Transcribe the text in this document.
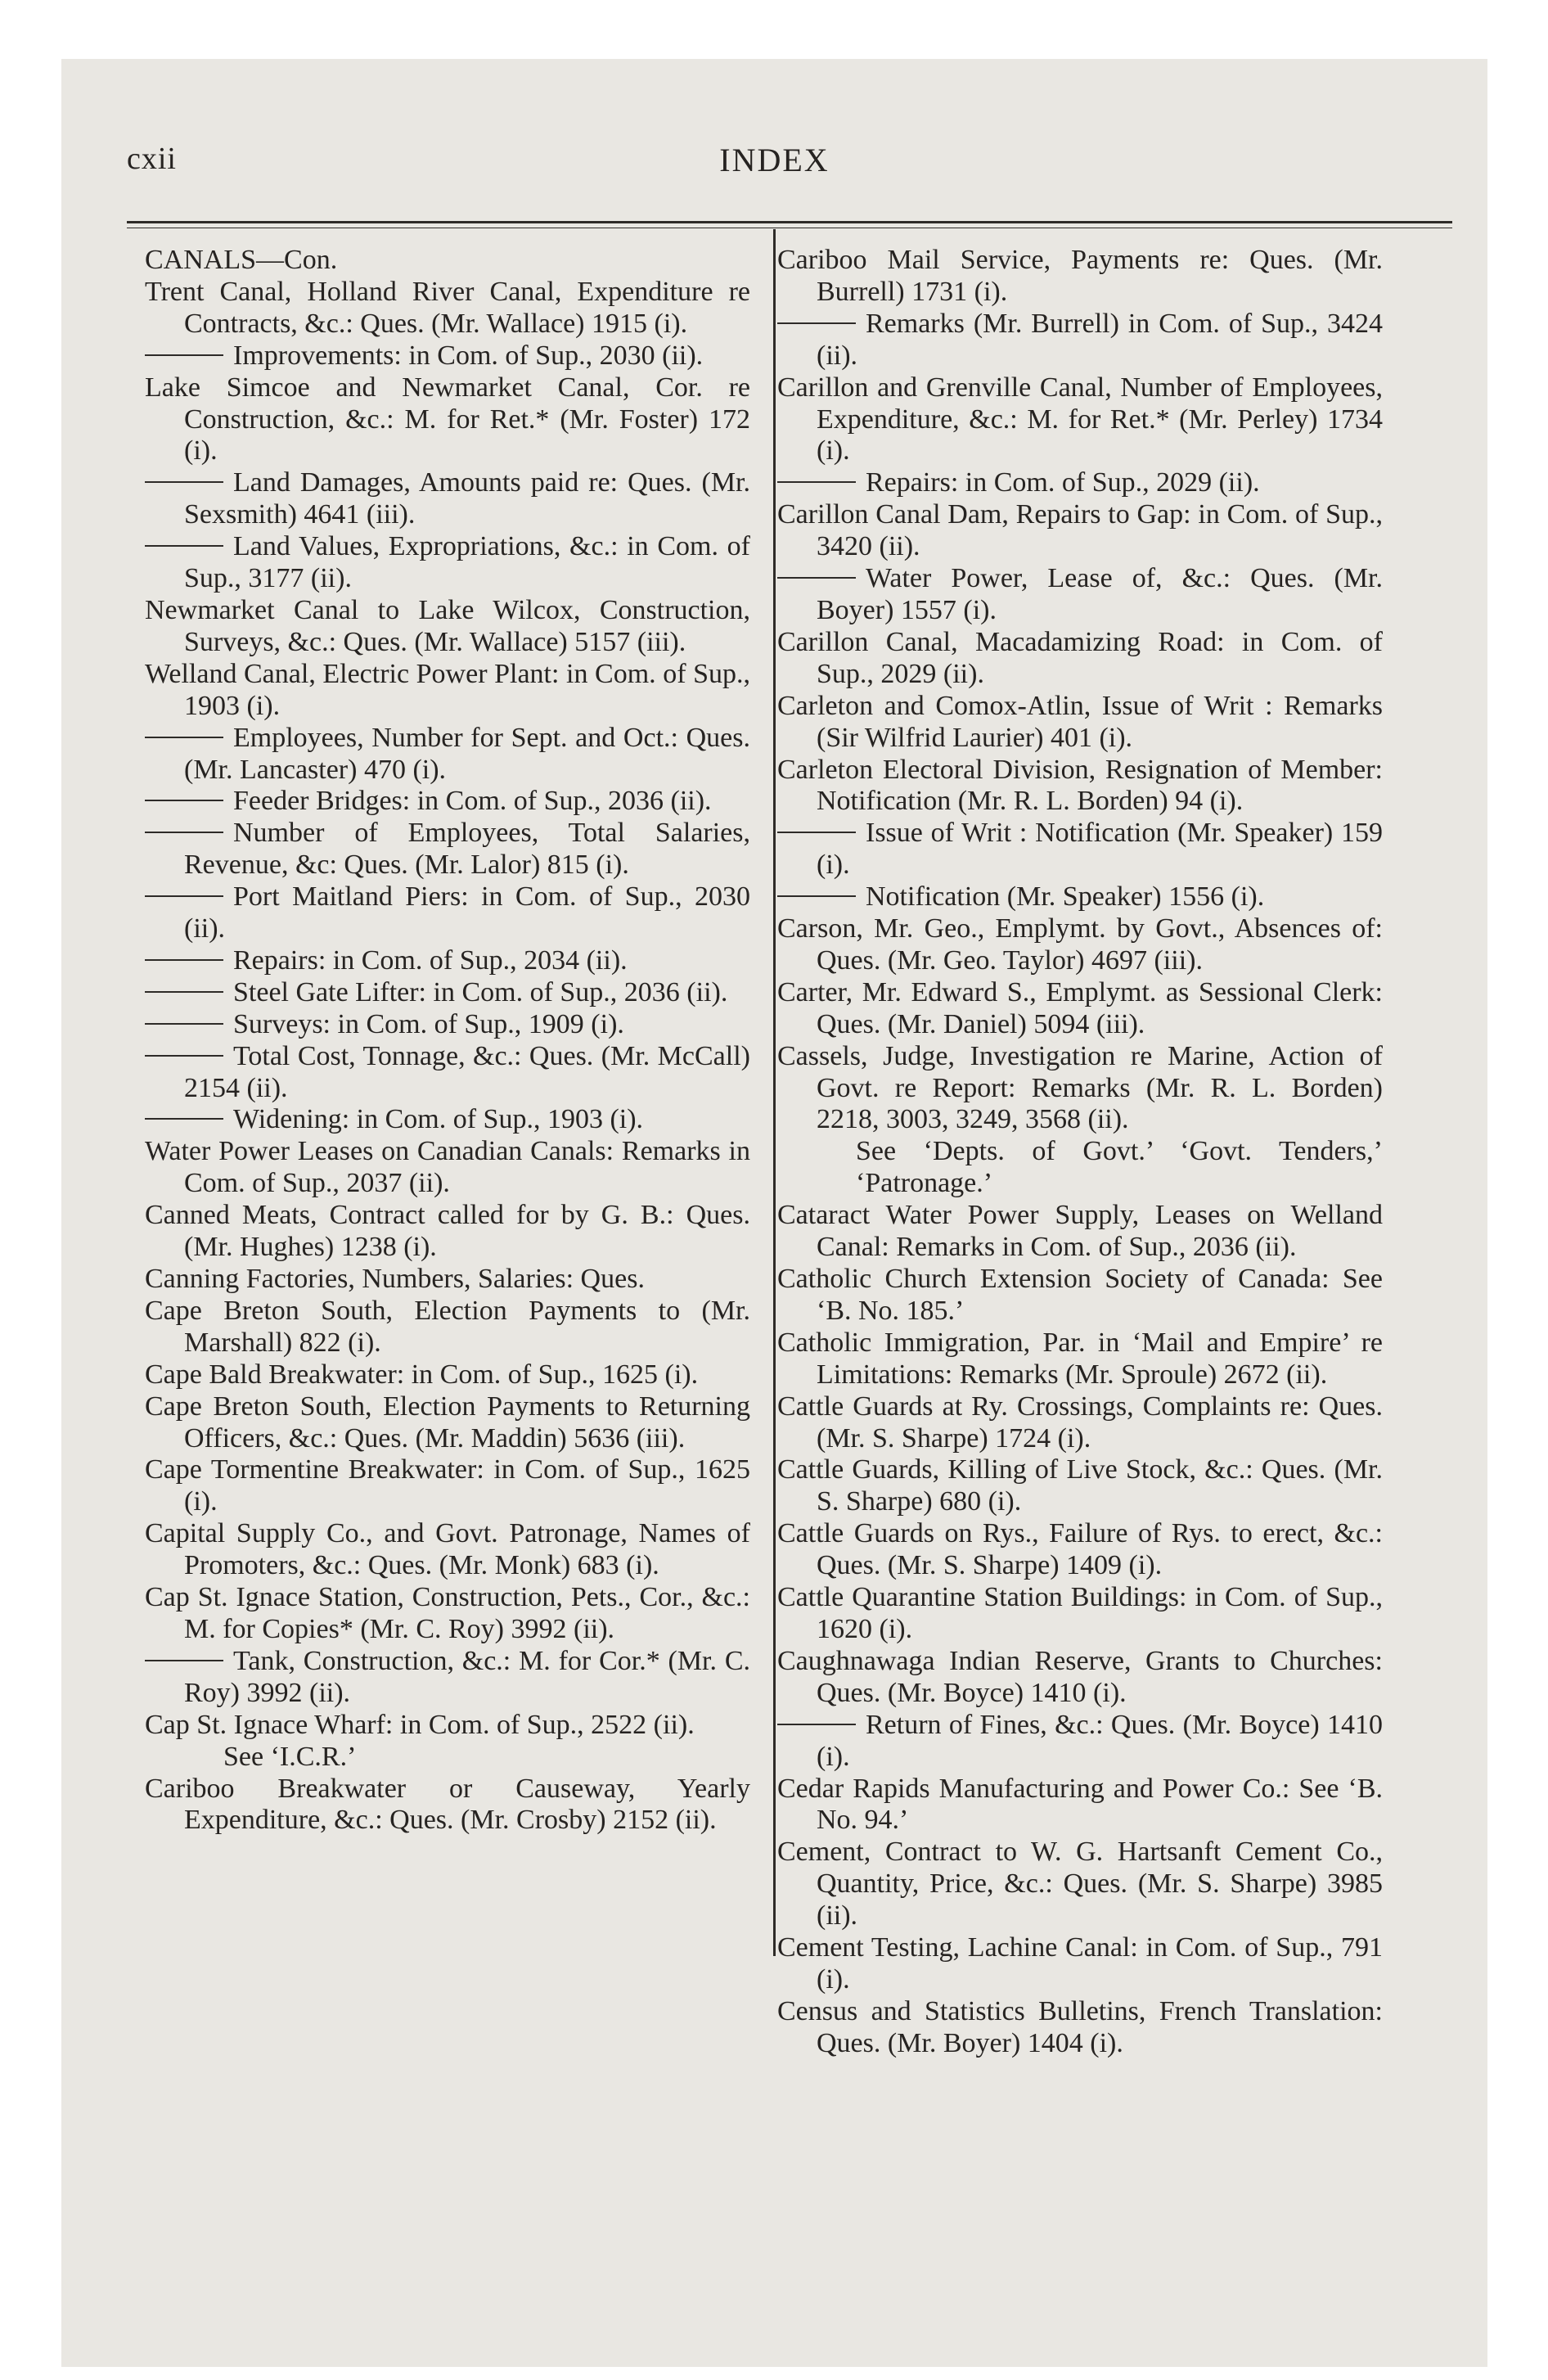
cxii	INDEX
CANALS—Con.
Trent Canal, Holland River Canal, Expenditure re Contracts, &c.: Ques. (Mr. Wallace) 1915 (i).
Improvements: in Com. of Sup., 2030 (ii).
Lake Simcoe and Newmarket Canal, Cor. re Construction, &c.: M. for Ret.* (Mr. Foster) 172 (i).
Land Damages, Amounts paid re: Ques. (Mr. Sexsmith) 4641 (iii).
Land Values, Expropriations, &c.: in Com. of Sup., 3177 (ii).
Newmarket Canal to Lake Wilcox, Construction, Surveys, &c.: Ques. (Mr. Wallace) 5157 (iii).
Welland Canal, Electric Power Plant: in Com. of Sup., 1903 (i).
Employees, Number for Sept. and Oct.: Ques. (Mr. Lancaster) 470 (i).
Feeder Bridges: in Com. of Sup., 2036 (ii).
Number of Employees, Total Salaries, Revenue, &c: Ques. (Mr. Lalor) 815 (i).
Port Maitland Piers: in Com. of Sup., 2030 (ii).
Repairs: in Com. of Sup., 2034 (ii).
Steel Gate Lifter: in Com. of Sup., 2036 (ii).
Surveys: in Com. of Sup., 1909 (i).
Total Cost, Tonnage, &c.: Ques. (Mr. McCall) 2154 (ii).
Widening: in Com. of Sup., 1903 (i).
Water Power Leases on Canadian Canals: Remarks in Com. of Sup., 2037 (ii).
Canned Meats, Contract called for by G. B.: Ques. (Mr. Hughes) 1238 (i).
Canning Factories, Numbers, Salaries: Ques.
Cape Breton South, Election Payments to (Mr. Marshall) 822 (i).
Cape Bald Breakwater: in Com. of Sup., 1625 (i).
Cape Breton South, Election Payments to Returning Officers, &c.: Ques. (Mr. Maddin) 5636 (iii).
Cape Tormentine Breakwater: in Com. of Sup., 1625 (i).
Capital Supply Co., and Govt. Patronage, Names of Promoters, &c.: Ques. (Mr. Monk) 683 (i).
Cap St. Ignace Station, Construction, Pets., Cor., &c.: M. for Copies* (Mr. C. Roy) 3992 (ii).
Tank, Construction, &c.: M. for Cor.* (Mr. C. Roy) 3992 (ii).
Cap St. Ignace Wharf: in Com. of Sup., 2522 (ii).
See ‘I.C.R.’
Cariboo Breakwater or Causeway, Yearly Expenditure, &c.: Ques. (Mr. Crosby) 2152 (ii).
Cariboo Mail Service, Payments re: Ques. (Mr. Burrell) 1731 (i).
Remarks (Mr. Burrell) in Com. of Sup., 3424 (ii).
Carillon and Grenville Canal, Number of Employees, Expenditure, &c.: M. for Ret.* (Mr. Perley) 1734 (i).
Repairs: in Com. of Sup., 2029 (ii).
Carillon Canal Dam, Repairs to Gap: in Com. of Sup., 3420 (ii).
Water Power, Lease of, &c.: Ques. (Mr. Boyer) 1557 (i).
Carillon Canal, Macadamizing Road: in Com. of Sup., 2029 (ii).
Carleton and Comox-Atlin, Issue of Writ : Remarks (Sir Wilfrid Laurier) 401 (i).
Carleton Electoral Division, Resignation of Member: Notification (Mr. R. L. Borden) 94 (i).
Issue of Writ : Notification (Mr. Speaker) 159 (i).
Notification (Mr. Speaker) 1556 (i).
Carson, Mr. Geo., Emplymt. by Govt., Absences of: Ques. (Mr. Geo. Taylor) 4697 (iii).
Carter, Mr. Edward S., Emplymt. as Sessional Clerk: Ques. (Mr. Daniel) 5094 (iii).
Cassels, Judge, Investigation re Marine, Action of Govt. re Report: Remarks (Mr. R. L. Borden) 2218, 3003, 3249, 3568 (ii).
See ‘Depts. of Govt.’ ‘Govt. Tenders,’ ‘Patronage.’
Cataract Water Power Supply, Leases on Welland Canal: Remarks in Com. of Sup., 2036 (ii).
Catholic Church Extension Society of Canada: See ‘B. No. 185.’
Catholic Immigration, Par. in ‘Mail and Empire’ re Limitations: Remarks (Mr. Sproule) 2672 (ii).
Cattle Guards at Ry. Crossings, Complaints re: Ques. (Mr. S. Sharpe) 1724 (i).
Cattle Guards, Killing of Live Stock, &c.: Ques. (Mr. S. Sharpe) 680 (i).
Cattle Guards on Rys., Failure of Rys. to erect, &c.: Ques. (Mr. S. Sharpe) 1409 (i).
Cattle Quarantine Station Buildings: in Com. of Sup., 1620 (i).
Caughnawaga Indian Reserve, Grants to Churches: Ques. (Mr. Boyce) 1410 (i).
Return of Fines, &c.: Ques. (Mr. Boyce) 1410 (i).
Cedar Rapids Manufacturing and Power Co.: See ‘B. No. 94.’
Cement, Contract to W. G. Hartsanft Cement Co., Quantity, Price, &c.: Ques. (Mr. S. Sharpe) 3985 (ii).
Cement Testing, Lachine Canal: in Com. of Sup., 791 (i).
Census and Statistics Bulletins, French Translation: Ques. (Mr. Boyer) 1404 (i).
